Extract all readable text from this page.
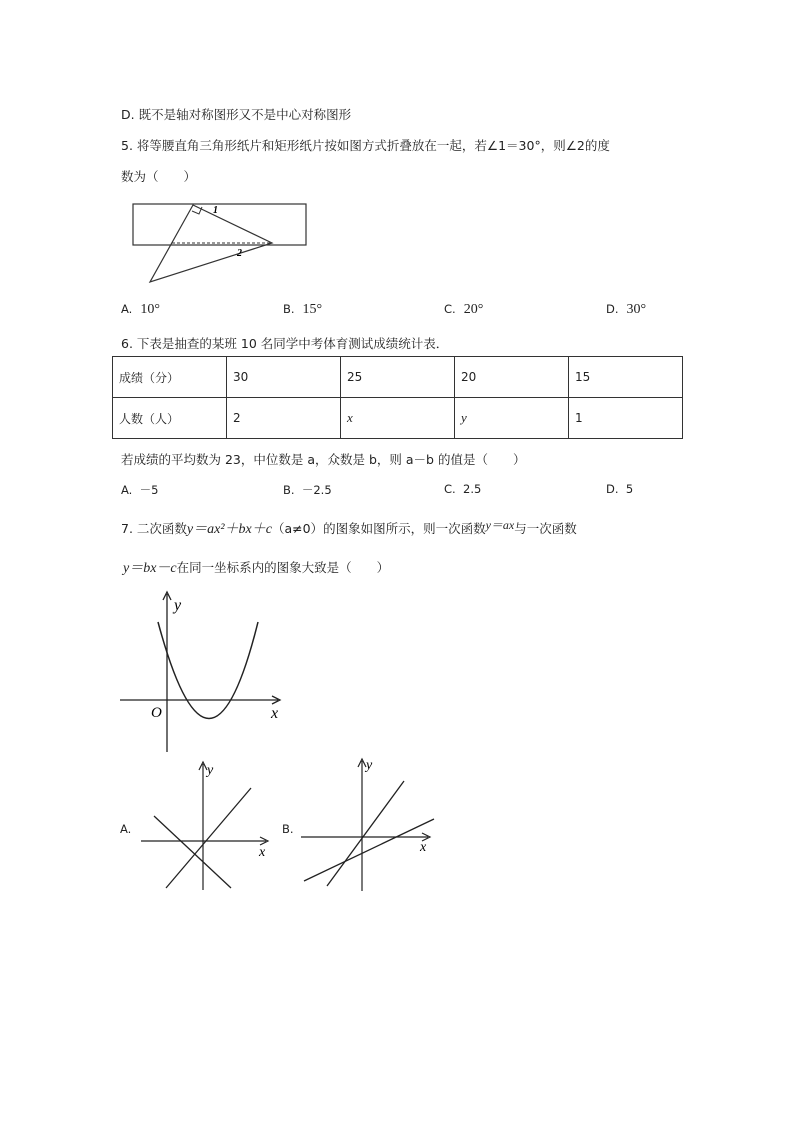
D. 既不是轴对称图形又不是中心对称图形
5. 将等腰直角三角形纸片和矩形纸片按如图方式折叠放在一起，若∠1＝30°，则∠2的度
数为（　　）
1
2
A. 10°	B. 15°	C. 20°	D. 30°
6. 下表是抽查的某班 10 名同学中考体育测试成绩统计表．
成绩（分）	30	25	20	15
人数（人）	2	x	y	1
若成绩的平均数为 23，中位数是 a，众数是 b，则 a－b 的值是（　　）
A. －5	B. －2.5	C. 2.5	D. 5
7. 二次函数y＝ax²＋bx＋c（a≠0）的图象如图所示，则一次函数y＝ax与一次函数
y＝bx－c在同一坐标系内的图象大致是（　　）
y
x
O
A.
y
x
B.
y
x
